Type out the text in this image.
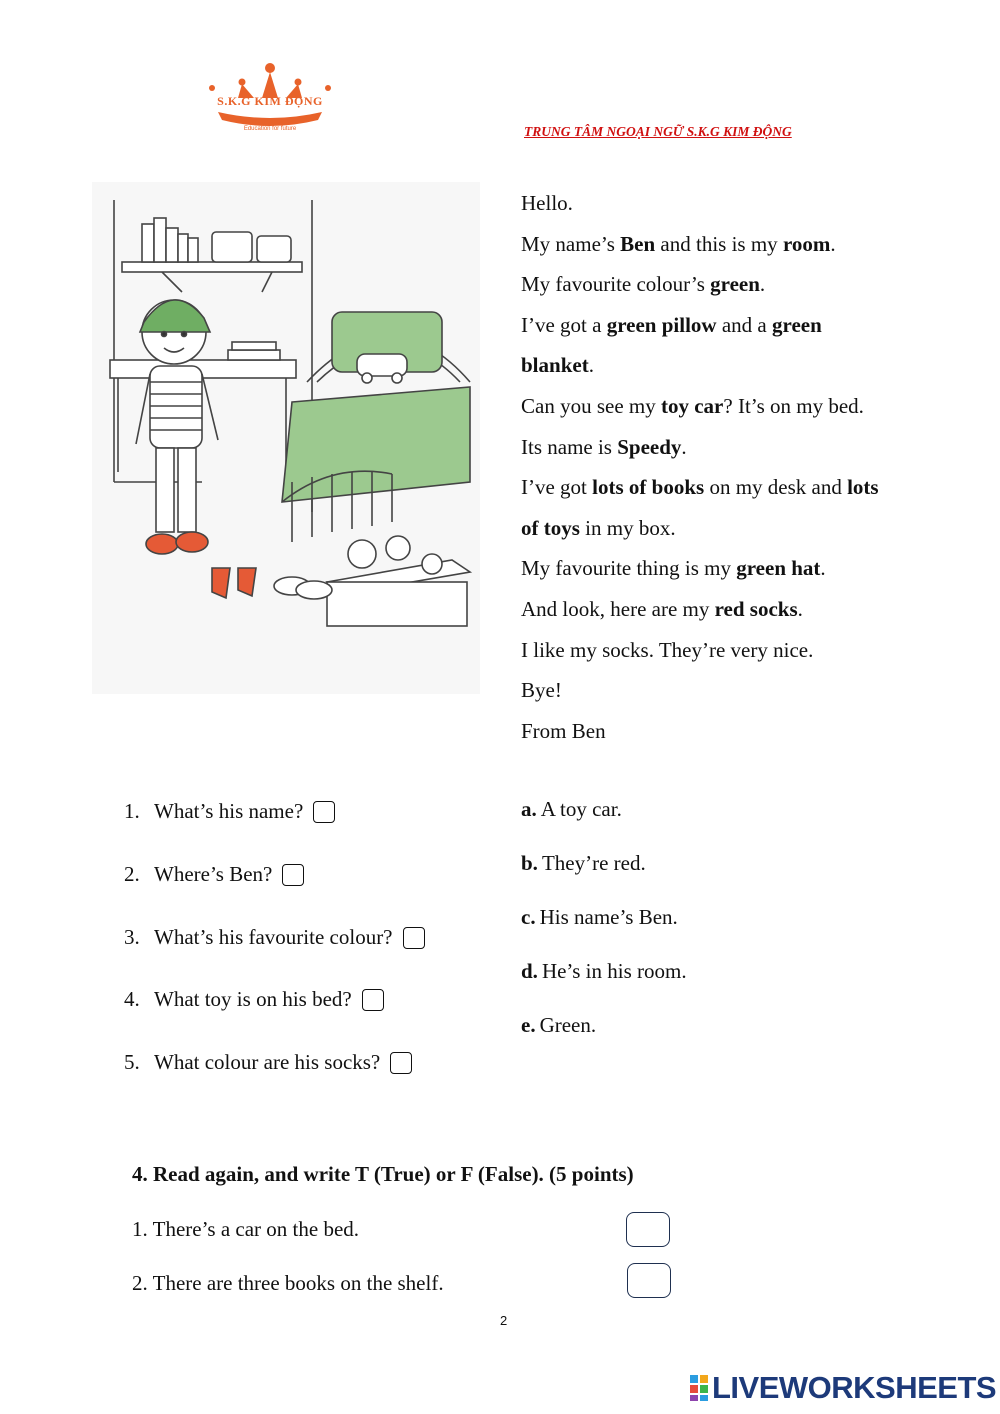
S.K.G KIM ĐỘNG
Education for future	TRUNG TÂM NGOẠI NGỮ S.K.G KIM ĐỘNG
Hello.
My name’s Ben and this is my room.
My favourite colour’s green.
I’ve got a green pillow and a green
blanket.
Can you see my toy car? It’s on my bed.
Its name is Speedy.
I’ve got lots of books on my desk and lots
of toys in my box.
My favourite thing is my green hat.
And look, here are my red socks.
I like my socks. They’re very nice.
Bye!
From Ben
1. What’s his name?
2. Where’s Ben?
3. What’s his favourite colour?
4. What toy is on his bed?
5. What colour are his socks?
a. A toy car.
b. They’re red.
c. His name’s Ben.
d. He’s in his room.
e. Green.
4. Read again, and write T (True) or F (False). (5 points)
1. There’s a car on the bed.
2. There are three books on the shelf.
2
LIVEWORKSHEETS
